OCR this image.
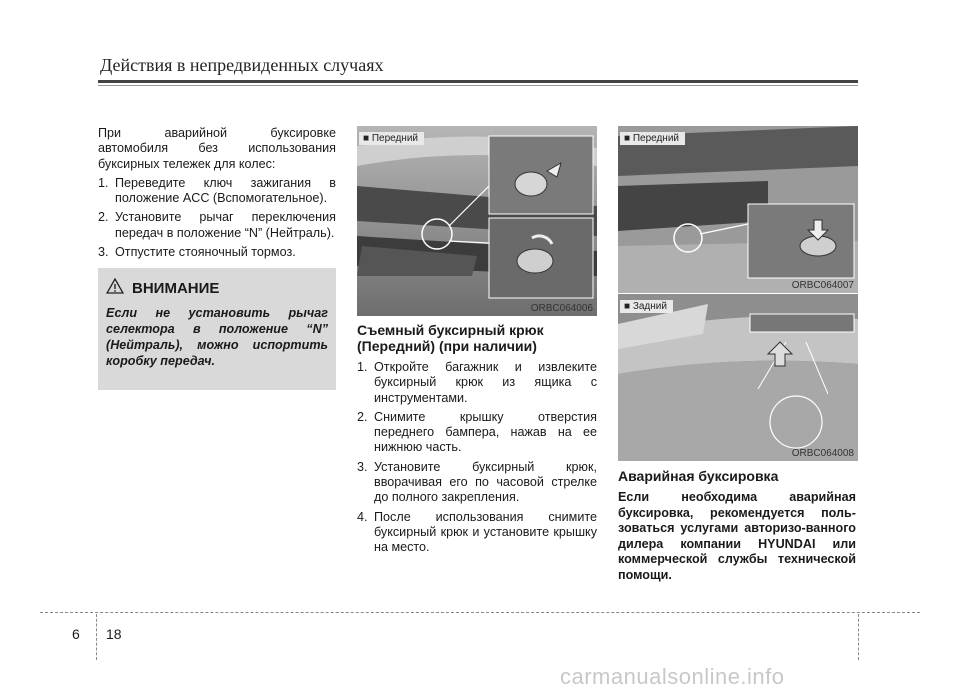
Действия в непредвиденных случаях
При аварийной буксировке
автомобиля без использования
буксирных тележек для колес:
1. Переведите ключ зажигания в положение ACC (Вспомогательное).
2. Установите рычаг переключения передач в положение “N” (Нейтраль).
3. Отпустите стояночный тормоз.
ВНИМАНИЕ
Если не установить рычаг селектора в положение “N” (Нейтраль), можно испортить коробку передач.
■ Передний
ORBC064006
■ Передний
ORBC064007
■ Задний
ORBC064008
Съемный буксирный крюк (Передний) (при наличии)
1. Откройте багажник и извлеките буксирный крюк из ящика с инструментами.
2. Снимите крышку отверстия переднего бампера, нажав на ее нижнюю часть.
3. Установите буксирный крюк, вворачивая его по часовой стрелке до полного закрепления.
4. После использования снимите буксирный крюк и установите крышку на место.
Аварийная буксировка
Если необходима аварийная буксировка, рекомендуется поль-зоваться услугами авторизо-ванного дилера компании HYUNDAI или коммерческой службы технической помощи.
6 18
carmanualsonline.info
